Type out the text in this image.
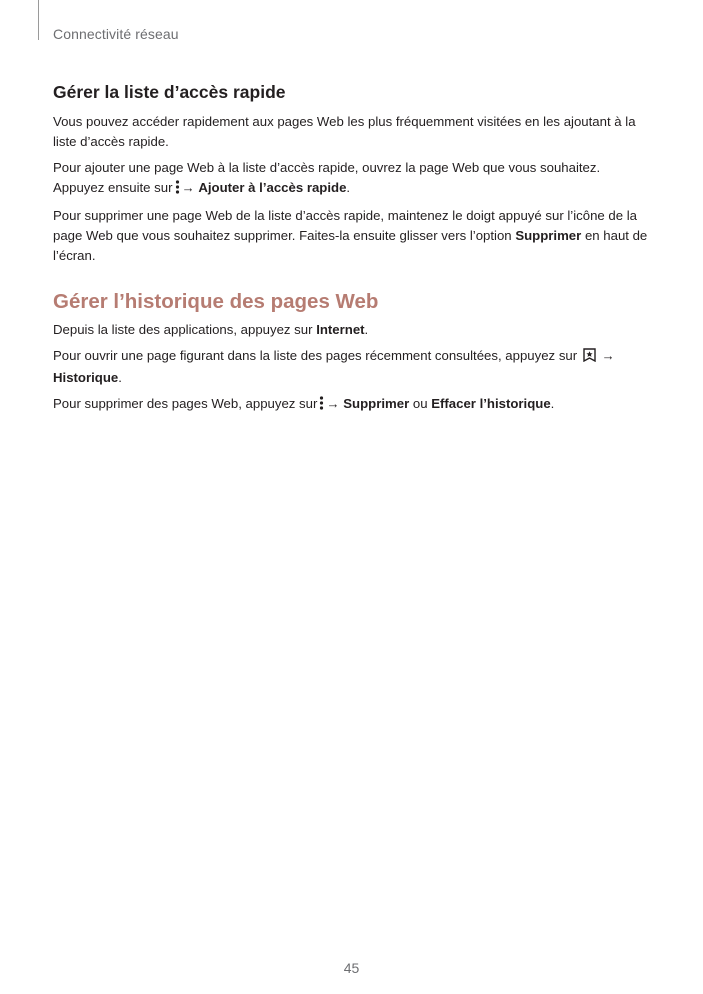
Connectivité réseau
Gérer la liste d’accès rapide

Vous pouvez accéder rapidement aux pages Web les plus fréquemment visitées en les ajoutant à la liste d’accès rapide.

Pour ajouter une page Web à la liste d’accès rapide, ouvrez la page Web que vous souhaitez. Appuyez ensuite sur → Ajouter à l’accès rapide.

Pour supprimer une page Web de la liste d’accès rapide, maintenez le doigt appuyé sur l’icône de la page Web que vous souhaitez supprimer. Faites-la ensuite glisser vers l’option Supprimer en haut de l’écran.

Gérer l’historique des pages Web

Depuis la liste des applications, appuyez sur Internet.

Pour ouvrir une page figurant dans la liste des pages récemment consultées, appuyez sur → Historique.

Pour supprimer des pages Web, appuyez sur → Supprimer ou Effacer l’historique.

45
